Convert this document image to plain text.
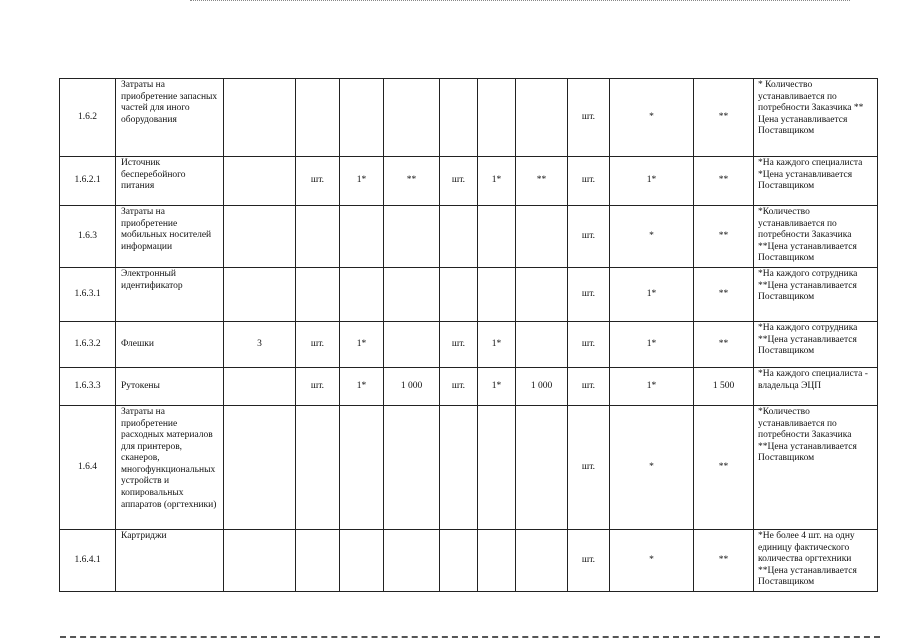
1.6.2	Затраты на приобретение запасных частей для иного оборудования								шт.	*	**	* Количество устанавливается по потребности Заказчика ** Цена устанавливается Поставщиком
1.6.2.1	Источник бесперебойного питания		шт.	1*	**	шт.	1*	**	шт.	1*	**	*На каждого специалиста *Цена устанавливается Поставщиком
1.6.3	Затраты на приобретение мобильных носителей информации								шт.	*	**	*Количество устанавливается по потребности Заказчика **Цена устанавливается Поставщиком
1.6.3.1	Электронный идентификатор								шт.	1*	**	*На каждого сотрудника **Цена устанавливается Поставщиком
1.6.3.2	Флешки	3	шт.	1*		шт.	1*		шт.	1*	**	*На каждого сотрудника **Цена устанавливается Поставщиком
1.6.3.3	Рутокены		шт.	1*	1 000	шт.	1*	1 000	шт.	1*	1 500	*На каждого специалиста - владельца ЭЦП
1.6.4	Затраты на приобретение расходных материалов для принтеров, сканеров, многофункциональных устройств и копировальных аппаратов (оргтехники)								шт.	*	**	*Количество устанавливается по потребности Заказчика **Цена устанавливается Поставщиком
1.6.4.1	Картриджи								шт.	*	**	*Не более 4 шт. на одну единицу фактического количества оргтехники **Цена устанавливается Поставщиком
